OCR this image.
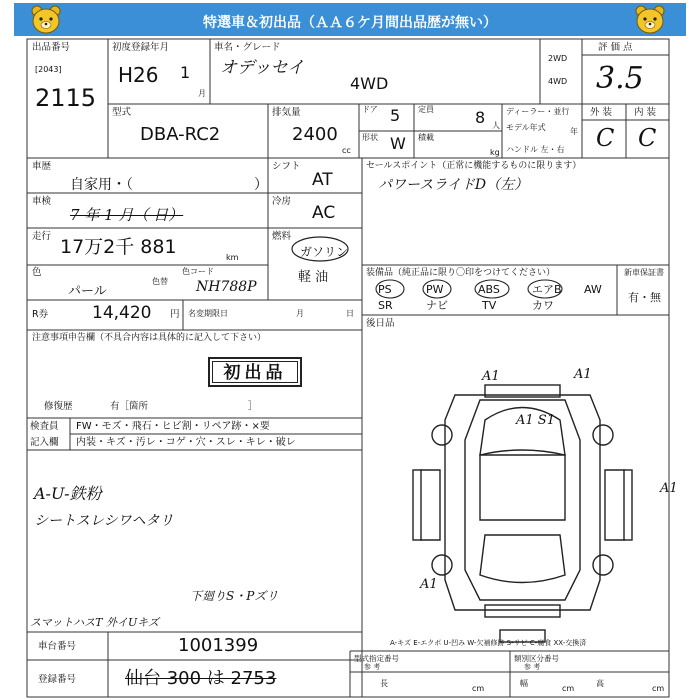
特選車＆初出品（ＡＡ６ケ月間出品歴が無い）
出品番号
[2043]
2115
初度登録年月
H26 1
月
車名・グレード
オデッセイ
4WD
2WD
4WD
評 価 点
3.5
外 装 内 装
C C
型式
DBA-RC2
排気量
2400
cc
ドア 5
形状 W
定員	8 人
積載
kg
ディーラー・並行
モデル年式	年
ハンドル 左・右
車歴
自家用・（	）
シフト
AT
車検
7 年 1 月（ 日）
冷房
AC
走行 17万2千 881	km
燃料
ガソリン
軽 油
色
パール
色替
色コード
NH788P
R券	14,420 円 名変期限日	月	日
セールスポイント（正常に機能するものに限ります）
パワースライドD（左）
装備品（純正品に限り〇印をつけてください）
PS	PW	ABS	エアB AW
SR	ナビ	TV	カワ
新車保証書
有・無
後日品
注意事項申告欄（不具合内容は具体的に記入して下さい）
初出品
修復歴	有［箇所	］
検査員
記入欄
FW・モズ・飛石・ヒビ割・リペア跡・×要
内装・キズ・汚レ・コゲ・穴・スレ・キレ・破レ
A-U-鉄粉
シートスレシワヘタリ
下廻りS・Pズリ
スマットハスT 外イUキズ
車台番号	1001399
登録番号	仙台 300 は 2753
A1	A1
A1 S1
A1
A1
A-キズ E-エクボ U-凹み W-欠補修跡 S-サビ C-腐食 XX-交換済
型式指定番号
参 考
類別区分番号
参 考
長
cm
幅
cm
高
cm
